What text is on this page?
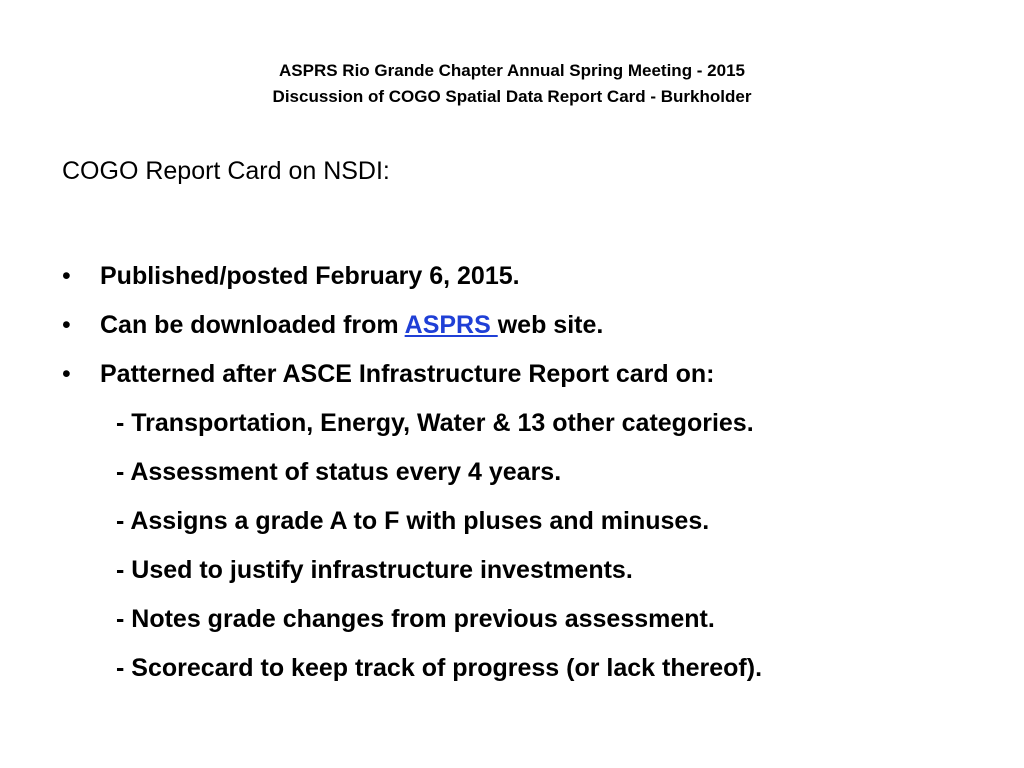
ASPRS Rio Grande Chapter Annual Spring Meeting - 2015
Discussion of COGO Spatial Data Report Card - Burkholder
COGO Report Card on NSDI:
• Published/posted February 6, 2015.
• Can be downloaded from ASPRS web site.
• Patterned after ASCE Infrastructure Report card on:
- Transportation, Energy, Water & 13 other categories.
- Assessment of status every 4 years.
- Assigns a grade A to F with pluses and minuses.
- Used to justify infrastructure investments.
- Notes grade changes from previous assessment.
- Scorecard to keep track of progress (or lack thereof).
